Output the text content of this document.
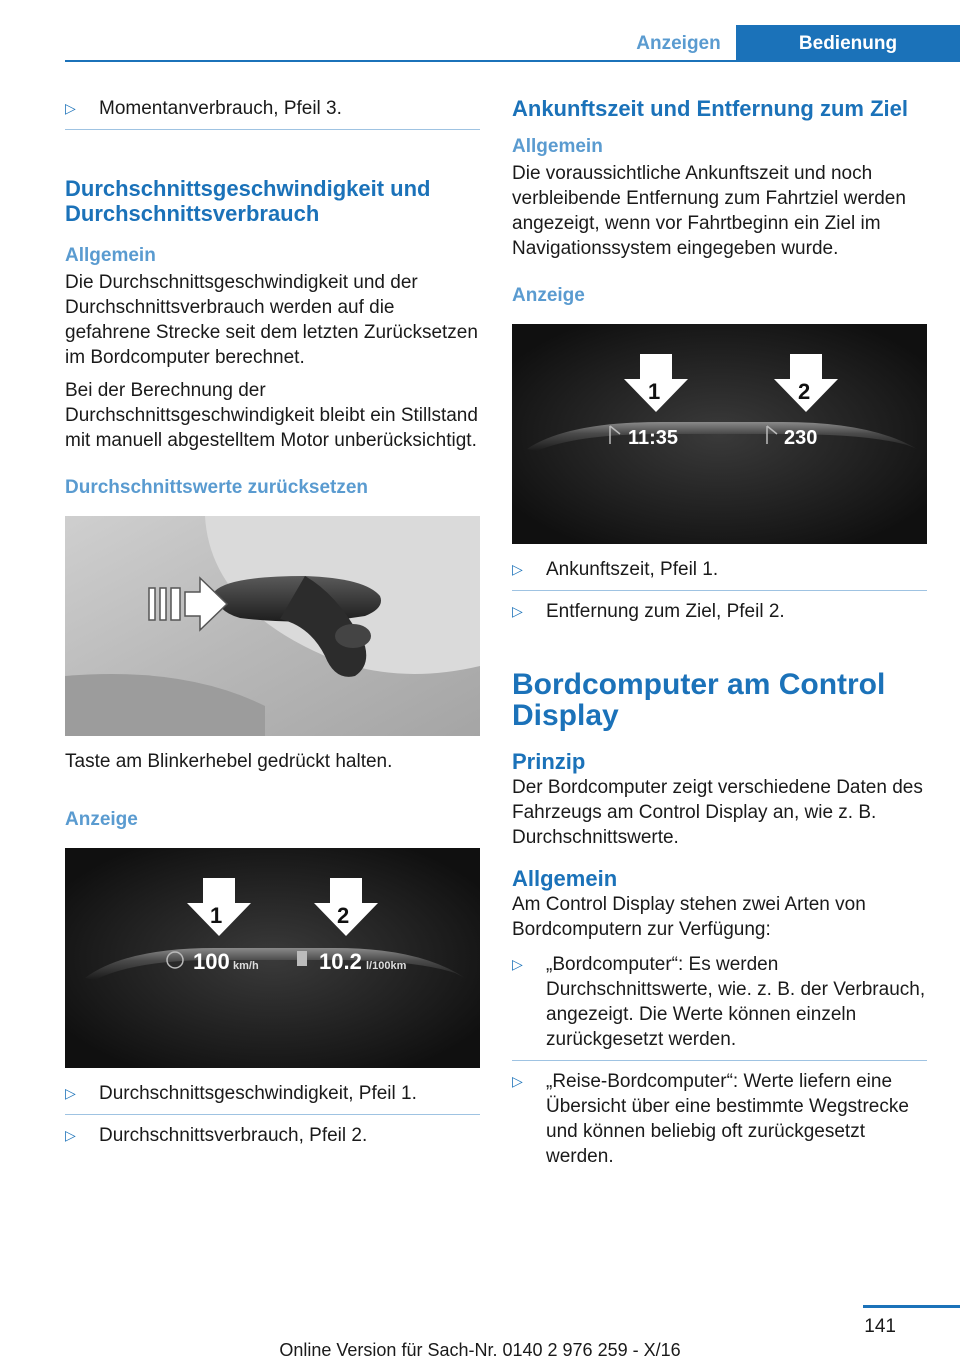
Anzeigen	Bedienung
▷	Momentanverbrauch, Pfeil 3.
Durchschnittsgeschwindigkeit und Durchschnittsverbrauch
Allgemein

Die Durchschnittsgeschwindigkeit und der Durchschnittsverbrauch werden auf die gefahrene Strecke seit dem letzten Zurücksetzen im Bordcomputer berechnet.

Bei der Berechnung der Durchschnittsgeschwindigkeit bleibt ein Stillstand mit manuell abgestelltem Motor unberücksichtigt.

Durchschnittswerte zurücksetzen

Taste am Blinkerhebel gedrückt halten.

Anzeige
1	2
100 km/h	10.2 l/100km
▷	Durchschnittsgeschwindigkeit, Pfeil 1.
▷	Durchschnittsverbrauch, Pfeil 2.
Ankunftszeit und Entfernung zum Ziel
Allgemein

Die voraussichtliche Ankunftszeit und noch verbleibende Entfernung zum Fahrtziel werden angezeigt, wenn vor Fahrtbeginn ein Ziel im Navigationssystem eingegeben wurde.

Anzeige
1	2
11:35	230
▷	Ankunftszeit, Pfeil 1.
▷	Entfernung zum Ziel, Pfeil 2.
Bordcomputer am Control Display
Prinzip

Der Bordcomputer zeigt verschiedene Daten des Fahrzeugs am Control Display an, wie z. B. Durchschnittswerte.

Allgemein

Am Control Display stehen zwei Arten von Bordcomputern zur Verfügung:

▷	„Bordcomputer“: Es werden Durchschnittswerte, wie. z. B. der Verbrauch, angezeigt. Die Werte können einzeln zurückgesetzt werden.
▷	„Reise-Bordcomputer“: Werte liefern eine Übersicht über eine bestimmte Wegstrecke und können beliebig oft zurückgesetzt werden.
141
Online Version für Sach-Nr. 0140 2 976 259 - X/16
